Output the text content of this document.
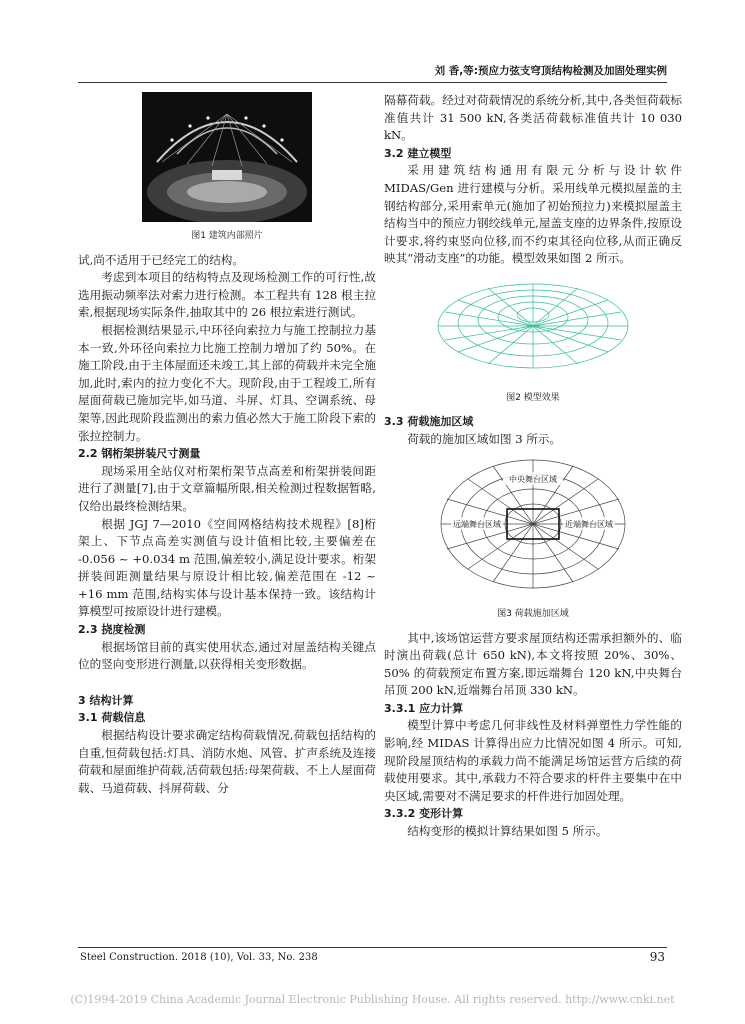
刘 香,等:预应力弦支穹顶结构检测及加固处理实例
图1 建筑内部照片

试,尚不适用于已经完工的结构。

考虑到本项目的结构特点及现场检测工作的可行性,故选用振动频率法对索力进行检测。本工程共有 128 根主拉索,根据现场实际条件,抽取其中的 26 根拉索进行测试。

根据检测结果显示,中环径向索拉力与施工控制拉力基本一致,外环径向索拉力比施工控制力增加了约 50%。在施工阶段,由于主体屋面还未竣工,其上部的荷载并未完全施加,此时,索内的拉力变化不大。现阶段,由于工程竣工,所有屋面荷载已施加完毕,如马道、斗屏、灯具、空调系统、母架等,因此现阶段监测出的索力值必然大于施工阶段下索的张拉控制力。

2.2 钢桁架拼装尺寸测量

现场采用全站仪对桁架桁架节点高差和桁架拼装间距进行了测量[7],由于文章篇幅所限,相关检测过程数据暂略,仅给出最终检测结果。

根据 JGJ 7—2010《空间网格结构技术规程》[8]桁架上、下节点高差实测值与设计值相比较,主要偏差在 -0.056 ~ +0.034 m 范围,偏差较小,满足设计要求。桁架拼装间距测量结果与原设计相比较,偏差范围在 -12 ~ +16 mm 范围,结构实体与设计基本保持一致。该结构计算模型可按原设计进行建模。

2.3 挠度检测

根据场馆目前的真实使用状态,通过对屋盖结构关键点位的竖向变形进行测量,以获得相关变形数据。

3 结构计算

3.1 荷载信息

根据结构设计要求确定结构荷载情况,荷载包括结构的自重,恒荷载包括:灯具、消防水炮、风管、扩声系统及连接荷载和屋面维护荷载,活荷载包括:母架荷载、不上人屋面荷载、马道荷载、抖屏荷载、分

隔幕荷载。经过对荷载情况的系统分析,其中,各类恒荷载标准值共计 31 500 kN,各类活荷载标准值共计 10 030 kN。

3.2 建立模型

采用建筑结构通用有限元分析与设计软件 MIDAS/Gen 进行建模与分析。采用线单元模拟屋盖的主钢结构部分,采用索单元(施加了初始预拉力)来模拟屋盖主结构当中的预应力钢绞线单元,屋盖支座的边界条件,按原设计要求,将约束竖向位移,而不约束其径向位移,从而正确反映其“滑动支座”的功能。模型效果如图 2 所示。

图2 模型效果

3.3 荷载施加区域

荷载的施加区域如图 3 所示。

中央舞台区域
远端舞台区域	近端舞台区域
图3 荷载施加区域

其中,该场馆运营方要求屋顶结构还需承担额外的、临时演出荷载(总计 650 kN),本文将按照 20%、30%、50% 的荷载预定布置方案,即远端舞台 120 kN,中央舞台吊顶 200 kN,近端舞台吊顶 330 kN。

3.3.1 应力计算

模型计算中考虑几何非线性及材料弹塑性力学性能的影响,经 MIDAS 计算得出应力比情况如图 4 所示。可知,现阶段屋顶结构的承载力尚不能满足场馆运营方后续的荷载使用要求。其中,承载力不符合要求的杆件主要集中在中央区域,需要对不满足要求的杆件进行加固处理。

3.3.2 变形计算

结构变形的模拟计算结果如图 5 所示。

Steel Construction. 2018 (10), Vol. 33, No. 238	93
(C)1994-2019 China Academic Journal Electronic Publishing House. All rights reserved. http://www.cnki.net
